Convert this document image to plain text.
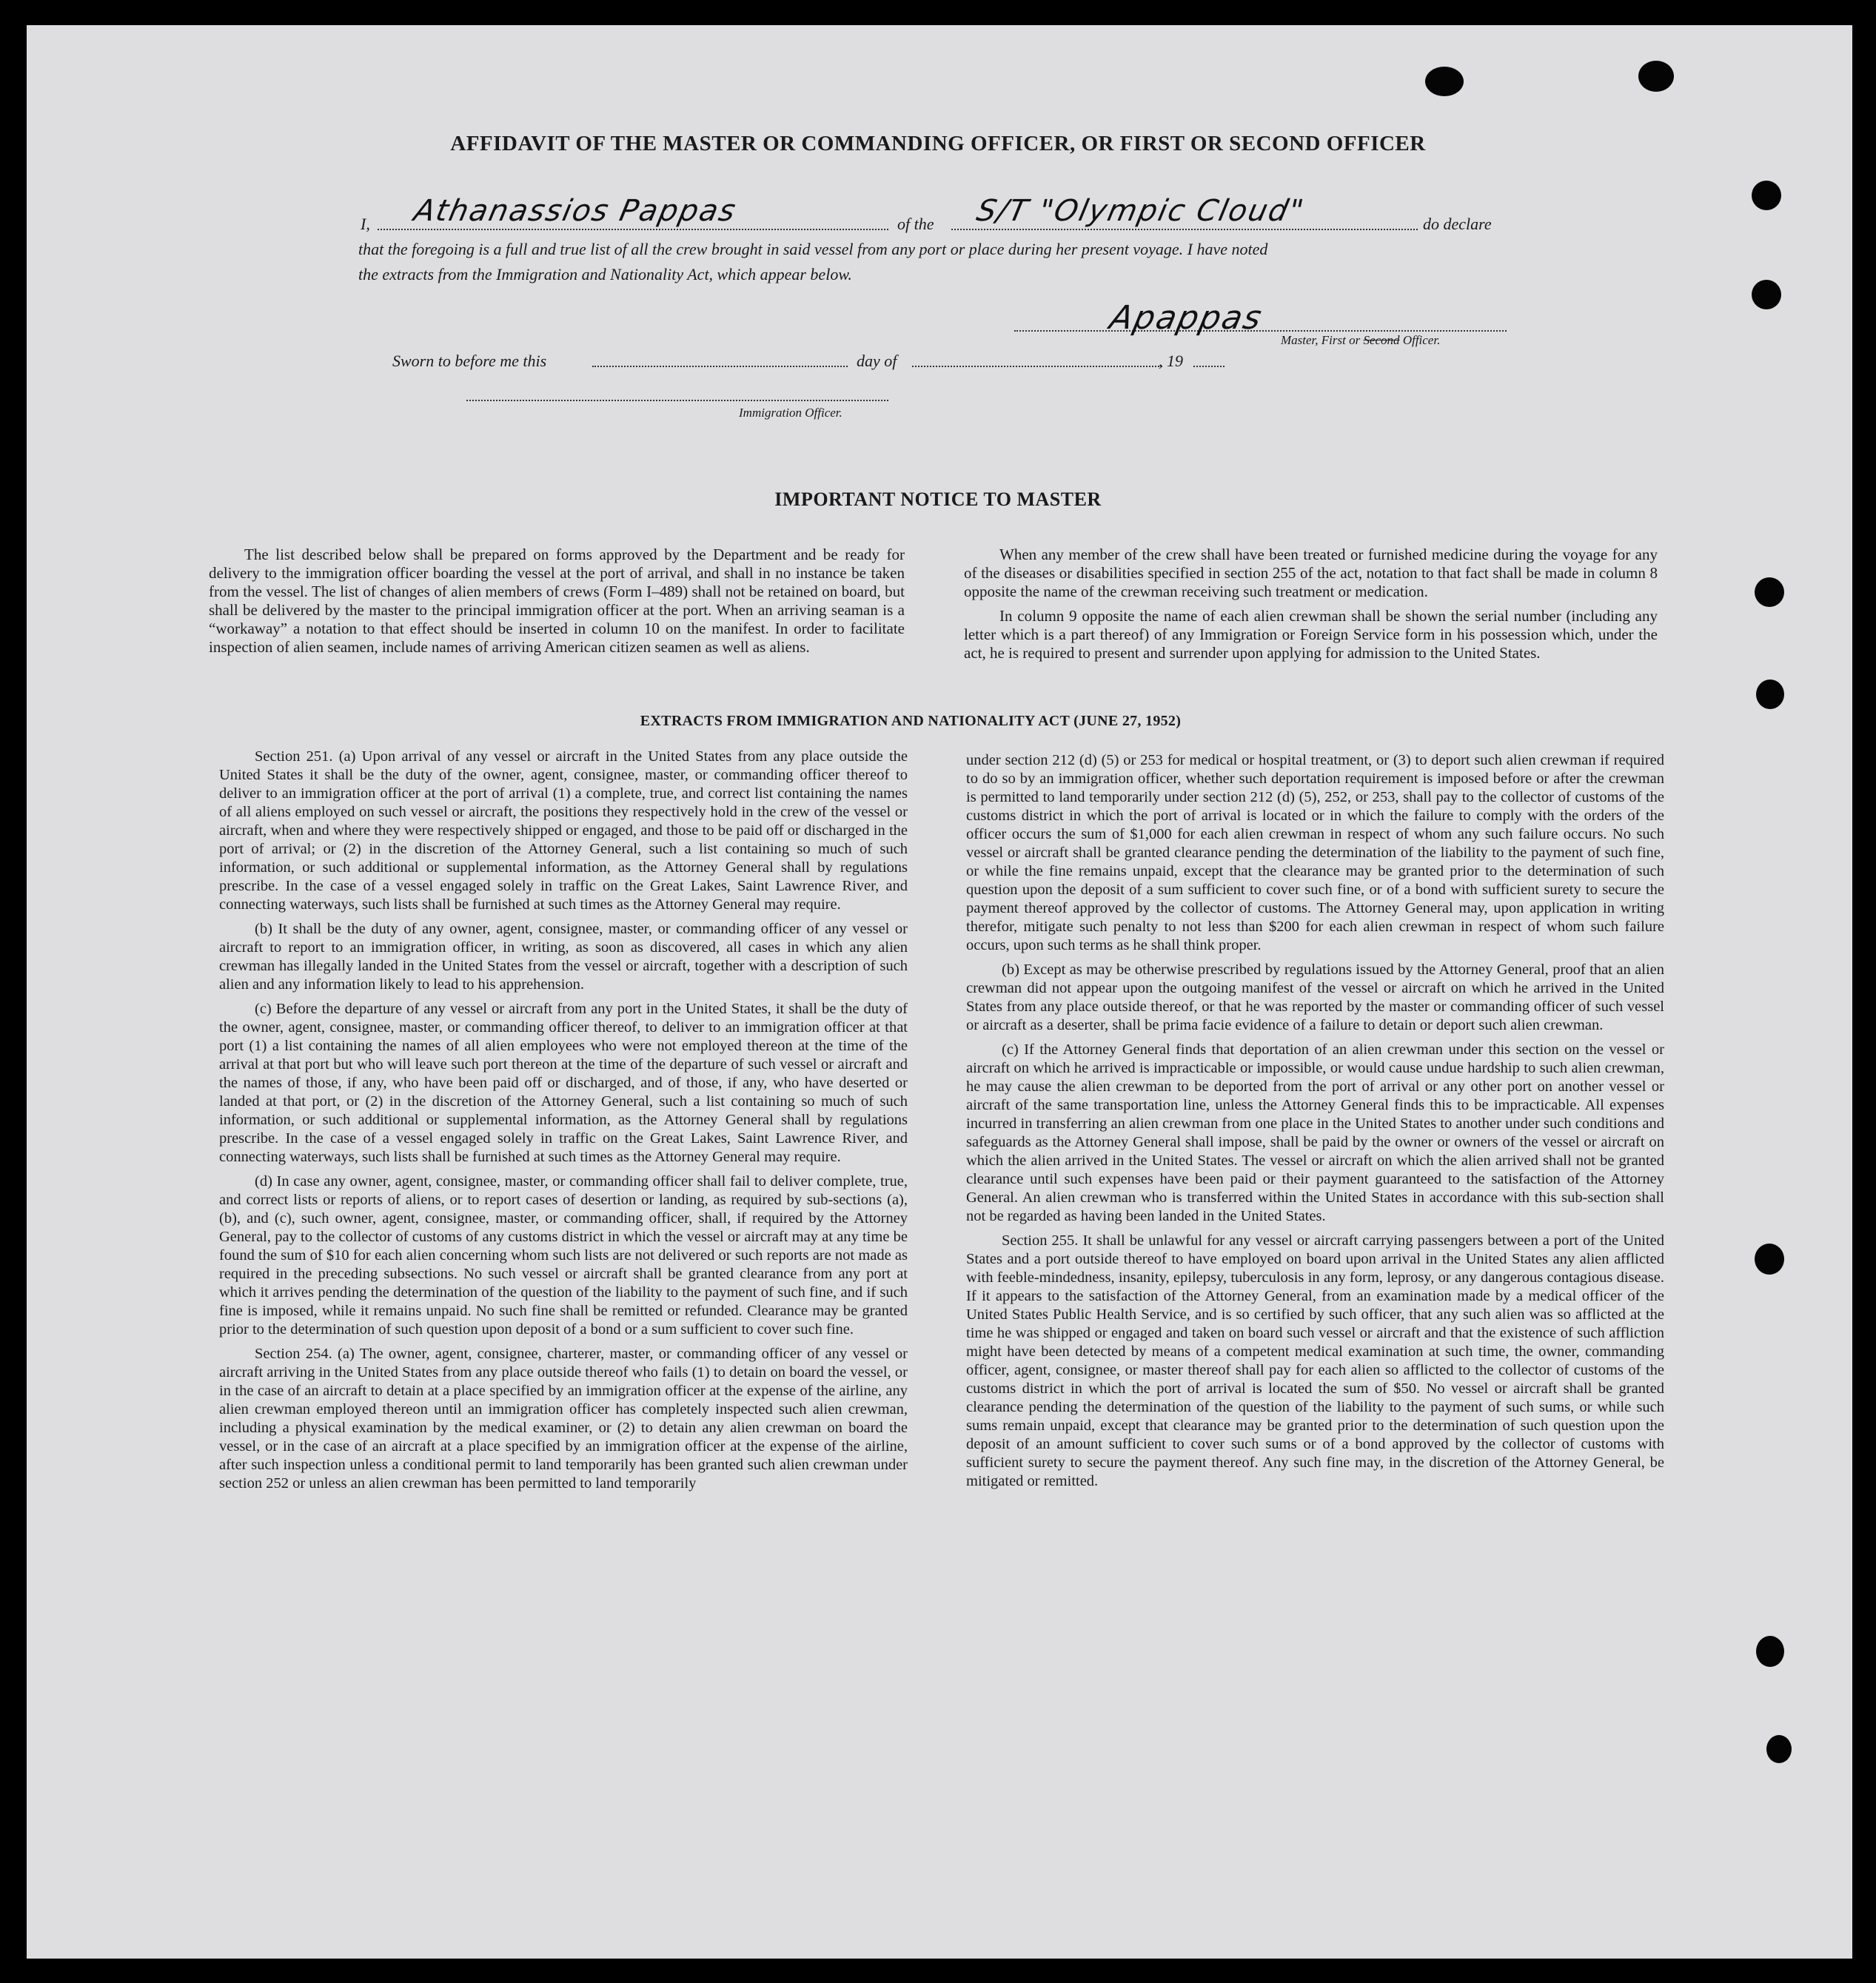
AFFIDAVIT OF THE MASTER OR COMMANDING OFFICER, OR FIRST OR SECOND OFFICER
I, Athanassios Pappas	of the S/T "Olympic Cloud"	do declare
that the foregoing is a full and true list of all the crew brought in said vessel from any port or place during her present voyage. I have noted
the extracts from the Immigration and Nationality Act, which appear below.
Apappas
Master, First or Second Officer.
Sworn to before me this	day of	, 19
Immigration Officer.
IMPORTANT NOTICE TO MASTER

The list described below shall be prepared on forms approved by the Department and be ready for delivery to the immigration officer boarding the vessel at the port of arrival, and shall in no instance be taken from the vessel. The list of changes of alien members of crews (Form I–489) shall not be retained on board, but shall be delivered by the master to the principal immigration officer at the port. When an arriving seaman is a “workaway” a notation to that effect should be inserted in column 10 on the manifest. In order to facilitate inspection of alien seamen, include names of arriving American citizen seamen as well as aliens.

When any member of the crew shall have been treated or furnished medicine during the voyage for any of the diseases or disabilities specified in section 255 of the act, notation to that fact shall be made in column 8 opposite the name of the crewman receiving such treatment or medication.

In column 9 opposite the name of each alien crewman shall be shown the serial number (including any letter which is a part thereof) of any Immigration or Foreign Service form in his possession which, under the act, he is required to present and surrender upon applying for admission to the United States.

EXTRACTS FROM IMMIGRATION AND NATIONALITY ACT (JUNE 27, 1952)

Section 251. (a) Upon arrival of any vessel or aircraft in the United States from any place outside the United States it shall be the duty of the owner, agent, consignee, master, or commanding officer thereof to deliver to an immigration officer at the port of arrival (1) a complete, true, and correct list containing the names of all aliens employed on such vessel or aircraft, the positions they respectively hold in the crew of the vessel or aircraft, when and where they were respectively shipped or engaged, and those to be paid off or discharged in the port of arrival; or (2) in the discretion of the Attorney General, such a list containing so much of such information, or such additional or supplemental information, as the Attorney General shall by regulations prescribe. In the case of a vessel engaged solely in traffic on the Great Lakes, Saint Lawrence River, and connecting waterways, such lists shall be furnished at such times as the Attorney General may require.

(b) It shall be the duty of any owner, agent, consignee, master, or commanding officer of any vessel or aircraft to report to an immigration officer, in writing, as soon as discovered, all cases in which any alien crewman has illegally landed in the United States from the vessel or aircraft, together with a description of such alien and any information likely to lead to his apprehension.

(c) Before the departure of any vessel or aircraft from any port in the United States, it shall be the duty of the owner, agent, consignee, master, or commanding officer thereof, to deliver to an immigration officer at that port (1) a list containing the names of all alien employees who were not employed thereon at the time of the arrival at that port but who will leave such port thereon at the time of the departure of such vessel or aircraft and the names of those, if any, who have been paid off or discharged, and of those, if any, who have deserted or landed at that port, or (2) in the discretion of the Attorney General, such a list containing so much of such information, or such additional or supplemental information, as the Attorney General shall by regulations prescribe. In the case of a vessel engaged solely in traffic on the Great Lakes, Saint Lawrence River, and connecting waterways, such lists shall be furnished at such times as the Attorney General may require.

(d) In case any owner, agent, consignee, master, or commanding officer shall fail to deliver complete, true, and correct lists or reports of aliens, or to report cases of desertion or landing, as required by sub-sections (a), (b), and (c), such owner, agent, consignee, master, or commanding officer, shall, if required by the Attorney General, pay to the collector of customs of any customs district in which the vessel or aircraft may at any time be found the sum of $10 for each alien concerning whom such lists are not delivered or such reports are not made as required in the preceding subsections. No such vessel or aircraft shall be granted clearance from any port at which it arrives pending the determination of the question of the liability to the payment of such fine, and if such fine is imposed, while it remains unpaid. No such fine shall be remitted or refunded. Clearance may be granted prior to the determination of such question upon deposit of a bond or a sum sufficient to cover such fine.

Section 254. (a) The owner, agent, consignee, charterer, master, or commanding officer of any vessel or aircraft arriving in the United States from any place outside thereof who fails (1) to detain on board the vessel, or in the case of an aircraft to detain at a place specified by an immigration officer at the expense of the airline, any alien crewman employed thereon until an immigration officer has completely inspected such alien crewman, including a physical examination by the medical examiner, or (2) to detain any alien crewman on board the vessel, or in the case of an aircraft at a place specified by an immigration officer at the expense of the airline, after such inspection unless a conditional permit to land temporarily has been granted such alien crewman under section 252 or unless an alien crewman has been permitted to land temporarily

under section 212 (d) (5) or 253 for medical or hospital treatment, or (3) to deport such alien crewman if required to do so by an immigration officer, whether such deportation requirement is imposed before or after the crewman is permitted to land temporarily under section 212 (d) (5), 252, or 253, shall pay to the collector of customs of the customs district in which the port of arrival is located or in which the failure to comply with the orders of the officer occurs the sum of $1,000 for each alien crewman in respect of whom any such failure occurs. No such vessel or aircraft shall be granted clearance pending the determination of the liability to the payment of such fine, or while the fine remains unpaid, except that the clearance may be granted prior to the determination of such question upon the deposit of a sum sufficient to cover such fine, or of a bond with sufficient surety to secure the payment thereof approved by the collector of customs. The Attorney General may, upon application in writing therefor, mitigate such penalty to not less than $200 for each alien crewman in respect of whom such failure occurs, upon such terms as he shall think proper.

(b) Except as may be otherwise prescribed by regulations issued by the Attorney General, proof that an alien crewman did not appear upon the outgoing manifest of the vessel or aircraft on which he arrived in the United States from any place outside thereof, or that he was reported by the master or commanding officer of such vessel or aircraft as a deserter, shall be prima facie evidence of a failure to detain or deport such alien crewman.

(c) If the Attorney General finds that deportation of an alien crewman under this section on the vessel or aircraft on which he arrived is impracticable or impossible, or would cause undue hardship to such alien crewman, he may cause the alien crewman to be deported from the port of arrival or any other port on another vessel or aircraft of the same transportation line, unless the Attorney General finds this to be impracticable. All expenses incurred in transferring an alien crewman from one place in the United States to another under such conditions and safeguards as the Attorney General shall impose, shall be paid by the owner or owners of the vessel or aircraft on which the alien arrived in the United States. The vessel or aircraft on which the alien arrived shall not be granted clearance until such expenses have been paid or their payment guaranteed to the satisfaction of the Attorney General. An alien crewman who is transferred within the United States in accordance with this sub-section shall not be regarded as having been landed in the United States.

Section 255. It shall be unlawful for any vessel or aircraft carrying passengers between a port of the United States and a port outside thereof to have employed on board upon arrival in the United States any alien afflicted with feeble-mindedness, insanity, epilepsy, tuberculosis in any form, leprosy, or any dangerous contagious disease. If it appears to the satisfaction of the Attorney General, from an examination made by a medical officer of the United States Public Health Service, and is so certified by such officer, that any such alien was so afflicted at the time he was shipped or engaged and taken on board such vessel or aircraft and that the existence of such affliction might have been detected by means of a competent medical examination at such time, the owner, commanding officer, agent, consignee, or master thereof shall pay for each alien so afflicted to the collector of customs of the customs district in which the port of arrival is located the sum of $50. No vessel or aircraft shall be granted clearance pending the determination of the question of the liability to the payment of such sums, or while such sums remain unpaid, except that clearance may be granted prior to the determination of such question upon the deposit of an amount sufficient to cover such sums or of a bond approved by the collector of customs with sufficient surety to secure the payment thereof. Any such fine may, in the discretion of the Attorney General, be mitigated or remitted.
